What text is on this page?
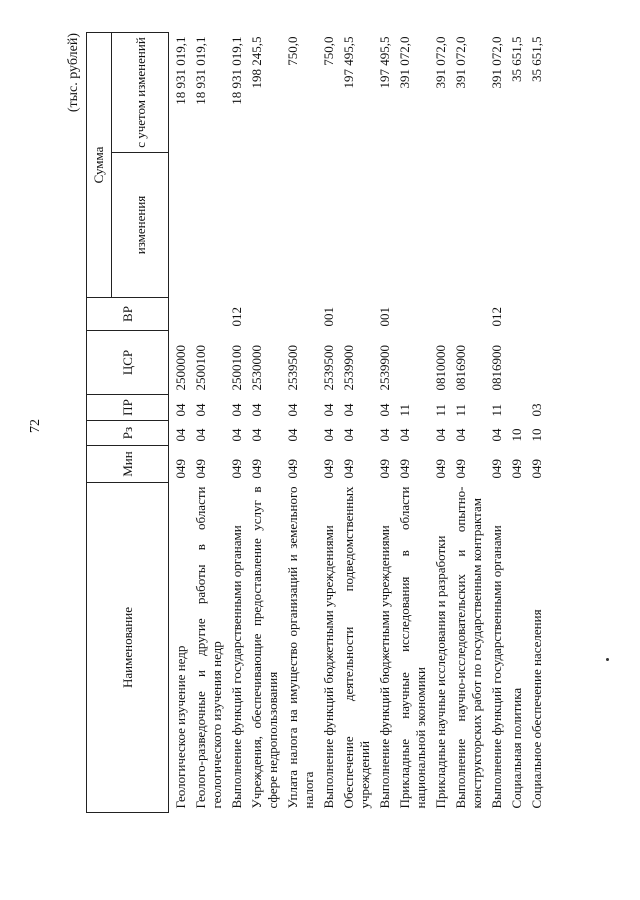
72
(тыс. рублей)
Наименование	Мин	Рз	ПР	ЦСР	ВР	Сумма	
						изменения	с учетом изменений
Геологическое изучение недр	049	04	04	2500000			18 931 019,1
Геолого-разведочные и другие работы в области геологического изучения недр	049	04	04	2500100			18 931 019,1
Выполнение функций государственными органами	049	04	04	2500100	012		18 931 019,1
Учреждения, обеспечивающие предоставление услуг в сфере недропользования	049	04	04	2530000			198 245,5
Уплата налога на имущество организаций и земельного налога	049	04	04	2539500			750,0
Выполнение функций бюджетными учреждениями	049	04	04	2539500	001		750,0
Обеспечение деятельности подведомственных учреждений	049	04	04	2539900			197 495,5
Выполнение функций бюджетными учреждениями	049	04	04	2539900	001		197 495,5
Прикладные научные исследования в области национальной экономики	049	04	11				391 072,0
Прикладные научные исследования и разработки	049	04	11	0810000			391 072,0
Выполнение научно-исследовательских и опытно-конструкторских работ по государственным контрактам	049	04	11	0816900			391 072,0
Выполнение функций государственными органами	049	04	11	0816900	012		391 072,0
Социальная политика	049	10					35 651,5
Социальное обеспечение населения	049	10	03				35 651,5
